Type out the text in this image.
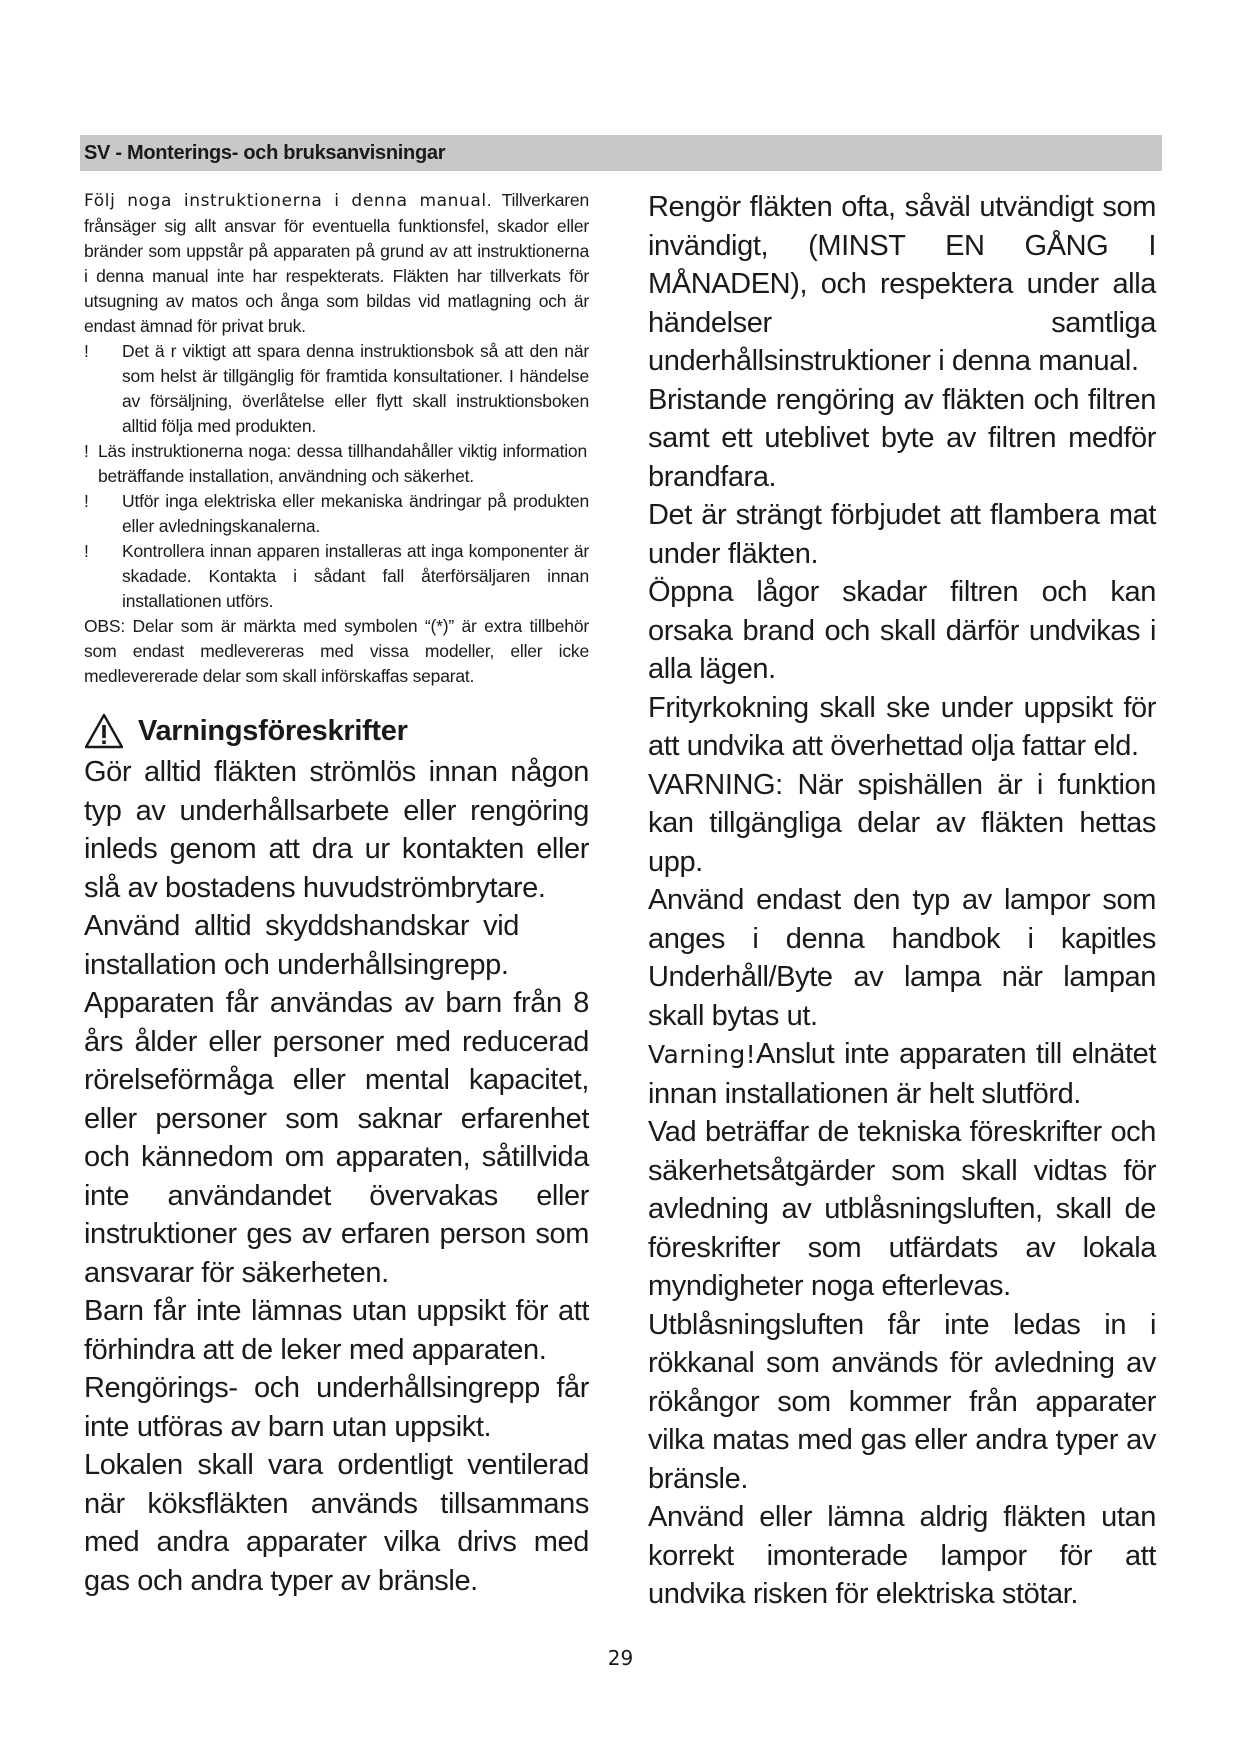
SV - Monterings- och bruksanvisningar

Följ noga instruktionerna i denna manual. Tillverkaren frånsäger sig allt ansvar för eventuella funktionsfel, skador eller bränder som uppstår på apparaten på grund av att instruktionerna i denna manual inte har respekterats. Fläkten har tillverkats för utsugning av matos och ånga som bildas vid matlagning och är endast ämnad för privat bruk.

!	Det ä r viktigt att spara denna instruktionsbok så att den när som helst är tillgänglig för framtida konsultationer. I händelse av försäljning, överlåtelse eller flytt skall instruktionsboken alltid följa med produkten.
! Läs instruktionerna noga: dessa tillhandahåller viktig information beträffande installation, användning och säkerhet.
!	Utför inga elektriska eller mekaniska ändringar på produkten eller avledningskanalerna.
!	Kontrollera innan apparen installeras att inga komponenter är skadade. Kontakta i sådant fall återförsäljaren innan installationen utförs.

OBS: Delar som är märkta med symbolen “(*)” är extra tillbehör som endast medlevereras med vissa modeller, eller icke medlevererade delar som skall införskaffas separat.

Varningsföreskrifter

Gör alltid fläkten strömlös innan någon typ av underhållsarbete eller rengöring inleds genom att dra ur kontakten eller slå av bostadens huvudströmbrytare.

Använd alltid skyddshandskar vid installation och underhållsingrepp.

Apparaten får användas av barn från 8 års ålder eller personer med reducerad rörelseförmåga eller mental kapacitet, eller personer som saknar erfarenhet och kännedom om apparaten, såtillvida inte användandet övervakas eller instruktioner ges av erfaren person som ansvarar för säkerheten.

Barn får inte lämnas utan uppsikt för att förhindra att de leker med apparaten.

Rengörings- och underhållsingrepp får inte utföras av barn utan uppsikt.

Lokalen skall vara ordentligt ventilerad när köksfläkten används tillsammans med andra apparater vilka drivs med gas och andra typer av bränsle.

Rengör fläkten ofta, såväl utvändigt som invändigt, (MINST EN GÅNG I MÅNADEN), och respektera under alla händelser samtliga underhållsinstruktioner i denna manual.

Bristande rengöring av fläkten och filtren samt ett uteblivet byte av filtren medför brandfara.

Det är strängt förbjudet att flambera mat under fläkten.

Öppna lågor skadar filtren och kan orsaka brand och skall därför undvikas i alla lägen.

Frityrkokning skall ske under uppsikt för att undvika att överhettad olja fattar eld.

VARNING: När spishällen är i funktion kan tillgängliga delar av fläkten hettas upp.

Använd endast den typ av lampor som anges i denna handbok i kapitles Underhåll/Byte av lampa när lampan skall bytas ut.

Varning!Anslut inte apparaten till elnätet innan installationen är helt slutförd.

Vad beträffar de tekniska föreskrifter och säkerhetsåtgärder som skall vidtas för avledning av utblåsningsluften, skall de föreskrifter som utfärdats av lokala myndigheter noga efterlevas.

Utblåsningsluften får inte ledas in i rökkanal som används för avledning av rökångor som kommer från apparater vilka matas med gas eller andra typer av bränsle.

Använd eller lämna aldrig fläkten utan korrekt imonterade lampor för att undvika risken för elektriska stötar.

29
